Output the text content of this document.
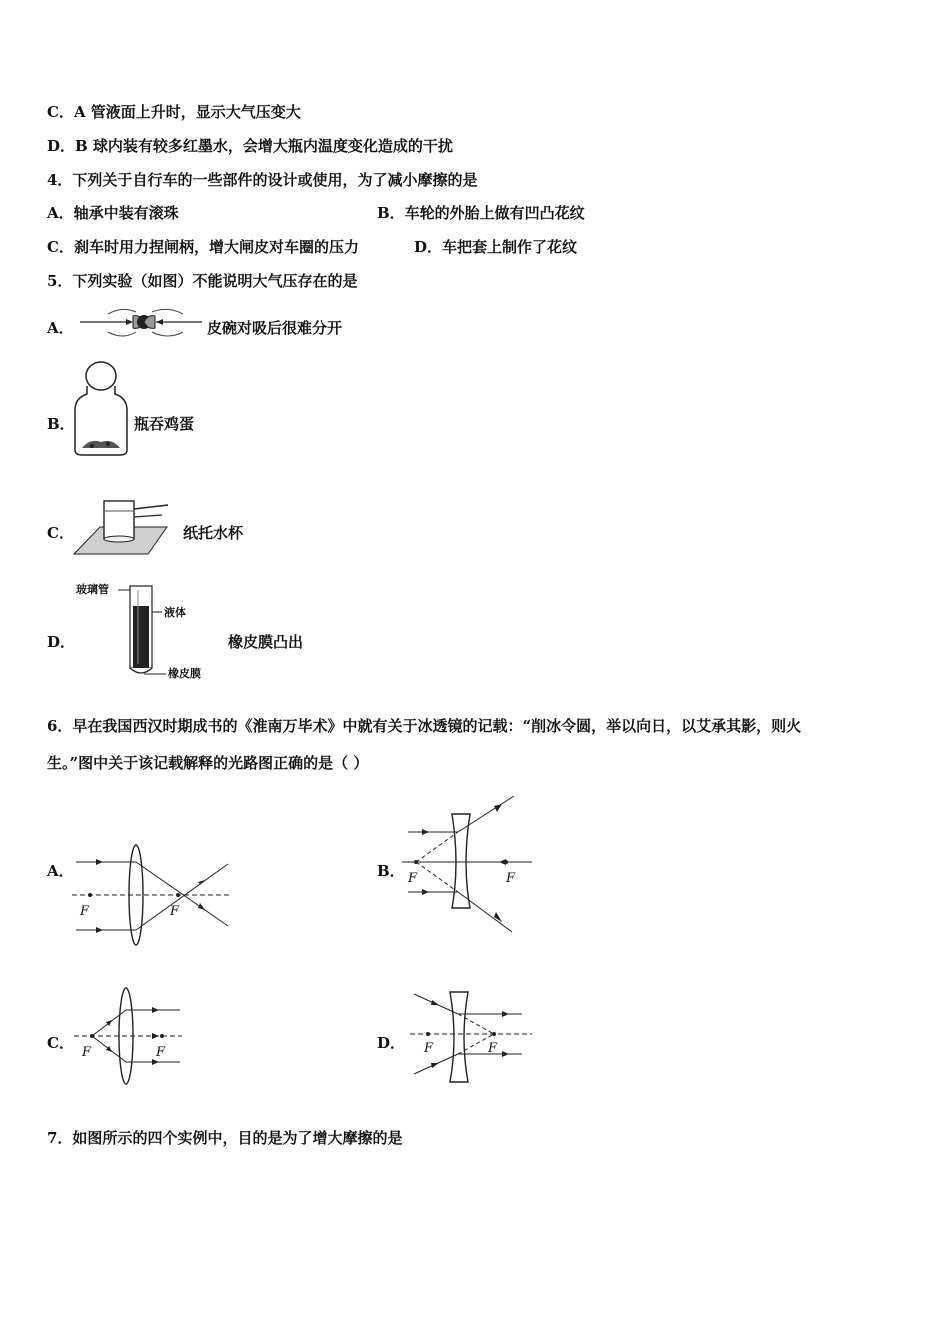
C．A 管液面上升时，显示大气压变大
D．B 球内装有较多红墨水，会增大瓶内温度变化造成的干扰
4．下列关于自行车的一些部件的设计或使用，为了减小摩擦的是
A．轴承中装有滚珠	B．车轮的外胎上做有凹凸花纹
C．刹车时用力捏闸柄，增大闸皮对车圈的压力	D．车把套上制作了花纹
5．下列实验（如图）不能说明大气压存在的是
A．	皮碗对吸后很难分开
B．	瓶吞鸡蛋
C．	纸托水杯
D．
玻璃管
液体
橡皮膜
橡皮膜凸出
6．早在我国西汉时期成书的《淮南万毕术》中就有关于冰透镜的记载：“削冰令圆，举以向日，以艾承其影，则火
生。”图中关于该记载解释的光路图正确的是（ ）
A．
F	F
B． F	F
C．
F	F
D． F	F
7．如图所示的四个实例中，目的是为了增大摩擦的是
